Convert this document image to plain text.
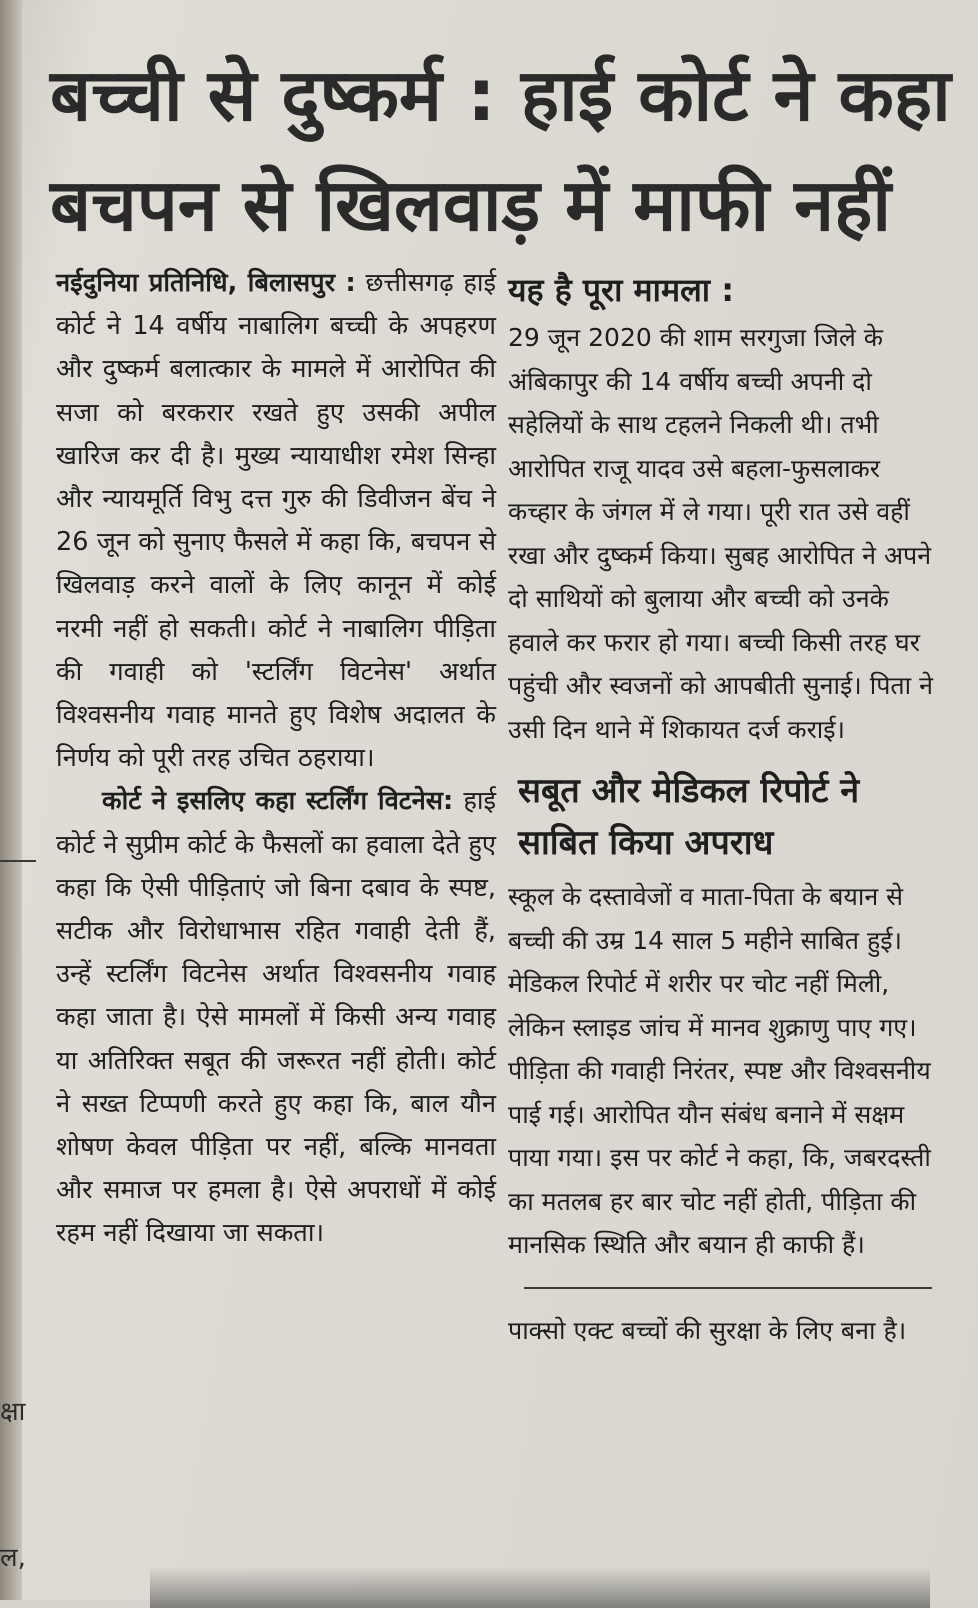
बच्ची से दुष्कर्म : हाई कोर्ट ने कहा
बचपन से खिलवाड़ में माफी नहीं

नईदुनिया प्रतिनिधि, बिलासपुर : छत्तीसगढ़ हाई कोर्ट ने 14 वर्षीय नाबालिग बच्ची के अपहरण और दुष्कर्म बलात्कार के मामले में आरोपित की सजा को बरकरार रखते हुए उसकी अपील खारिज कर दी है। मुख्य न्यायाधीश रमेश सिन्हा और न्यायमूर्ति विभु दत्त गुरु की डिवीजन बेंच ने 26 जून को सुनाए फैसले में कहा कि, बचपन से खिलवाड़ करने वालों के लिए कानून में कोई नरमी नहीं हो सकती। कोर्ट ने नाबालिग पीड़िता की गवाही को 'स्टर्लिंग विटनेस' अर्थात विश्वसनीय गवाह मानते हुए विशेष अदालत के निर्णय को पूरी तरह उचित ठहराया।

कोर्ट ने इसलिए कहा स्टर्लिंग विटनेस: हाई कोर्ट ने सुप्रीम कोर्ट के फैसलों का हवाला देते हुए कहा कि ऐसी पीड़िताएं जो बिना दबाव के स्पष्ट, सटीक और विरोधाभास रहित गवाही देती हैं, उन्हें स्टर्लिंग विटनेस अर्थात विश्वसनीय गवाह कहा जाता है। ऐसे मामलों में किसी अन्य गवाह या अतिरिक्त सबूत की जरूरत नहीं होती। कोर्ट ने सख्त टिप्पणी करते हुए कहा कि, बाल यौन शोषण केवल पीड़िता पर नहीं, बल्कि मानवता और समाज पर हमला है। ऐसे अपराधों में कोई रहम नहीं दिखाया जा सकता।

यह है पूरा मामला :

29 जून 2020 की शाम सरगुजा जिले के अंबिकापुर की 14 वर्षीय बच्ची अपनी दो सहेलियों के साथ टहलने निकली थी। तभी आरोपित राजू यादव उसे बहला-फुसलाकर कच्हार के जंगल में ले गया। पूरी रात उसे वहीं रखा और दुष्कर्म किया। सुबह आरोपित ने अपने दो साथियों को बुलाया और बच्ची को उनके हवाले कर फरार हो गया। बच्ची किसी तरह घर पहुंची और स्वजनों को आपबीती सुनाई। पिता ने उसी दिन थाने में शिकायत दर्ज कराई।

सबूत और मेडिकल रिपोर्ट ने साबित किया अपराध

स्कूल के दस्तावेजों व माता-पिता के बयान से बच्ची की उम्र 14 साल 5 महीने साबित हुई। मेडिकल रिपोर्ट में शरीर पर चोट नहीं मिली, लेकिन स्लाइड जांच में मानव शुक्राणु पाए गए। पीड़िता की गवाही निरंतर, स्पष्ट और विश्वसनीय पाई गई। आरोपित यौन संबंध बनाने में सक्षम पाया गया। इस पर कोर्ट ने कहा, कि, जबरदस्ती का मतलब हर बार चोट नहीं होती, पीड़िता की मानसिक स्थिति और बयान ही काफी हैं।

पाक्सो एक्ट बच्चों की सुरक्षा के लिए बना है।

क्षा
ल,
